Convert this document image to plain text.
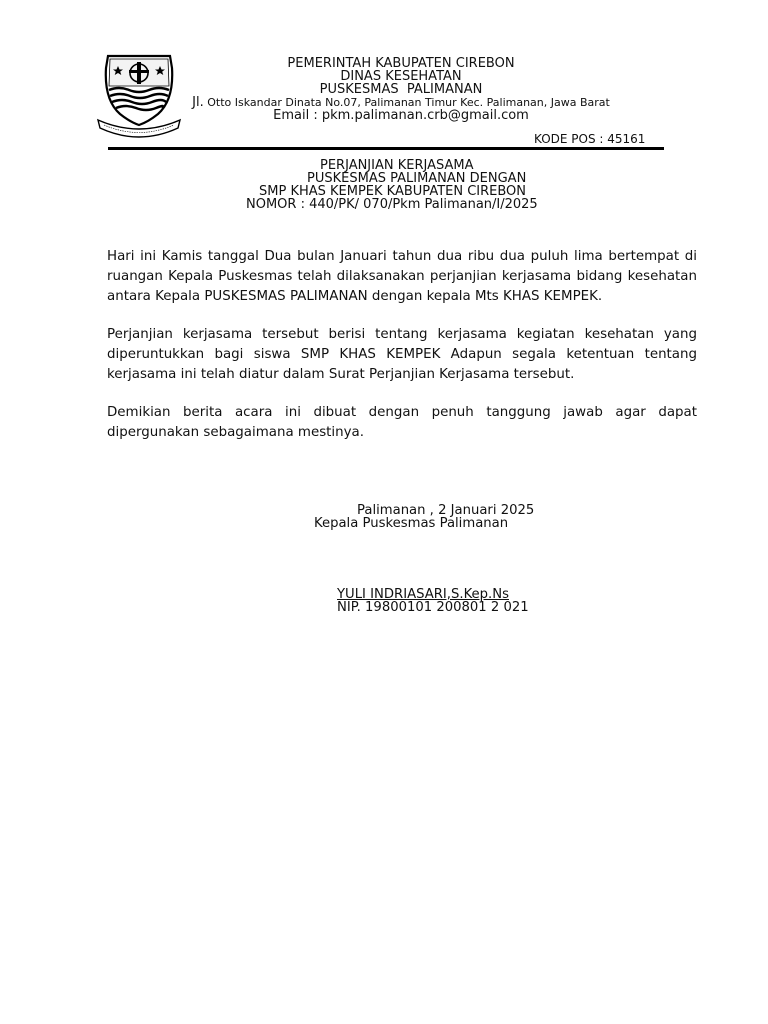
PEMERINTAH KABUPATEN CIREBON
DINAS KESEHATAN
PUSKESMAS  PALIMANAN
Jl. Otto Iskandar Dinata No.07, Palimanan Timur Kec. Palimanan, Jawa Barat
Email : pkm.palimanan.crb@gmail.com
KODE POS : 45161
PERJANJIAN KERJASAMA
PUSKESMAS PALIMANAN DENGAN
SMP KHAS KEMPEK KABUPATEN CIREBON
NOMOR : 440/PK/ 070/Pkm Palimanan/I/2025
Hari ini Kamis tanggal Dua bulan Januari tahun dua ribu dua puluh lima bertempat di ruangan Kepala Puskesmas telah dilaksanakan perjanjian kerjasama bidang kesehatan antara Kepala PUSKESMAS PALIMANAN dengan kepala Mts KHAS KEMPEK.
Perjanjian kerjasama tersebut berisi tentang kerjasama kegiatan kesehatan yang diperuntukkan bagi siswa SMP KHAS KEMPEK Adapun segala ketentuan tentang kerjasama ini telah diatur dalam Surat Perjanjian Kerjasama tersebut.
Demikian berita acara ini dibuat dengan penuh tanggung jawab agar dapat dipergunakan sebagaimana mestinya.
Palimanan , 2 Januari 2025
Kepala Puskesmas Palimanan
YULI INDRIASARI,S.Kep.Ns
NIP. 19800101 200801 2 021
